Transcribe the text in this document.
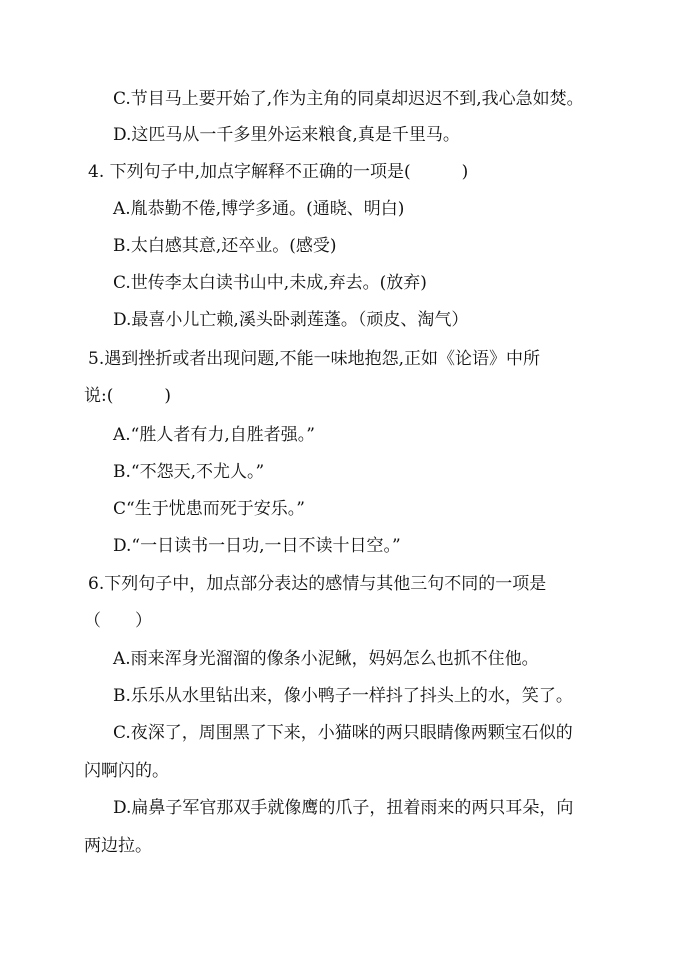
C.节目马上要开始了,作为主角的同桌却迟迟不到,我心急如焚。
D.这匹马从一千多里外运来粮食,真是千里马。
4. 下列句子中,加点字解释不正确的一项是(　　　)
A.胤恭勤不倦,博学多通。(通晓、明白)
B.太白感其意,还卒业。(感受)
C.世传李太白读书山中,未成,弃去。(放弃)
D.最喜小儿亡赖,溪头卧剥莲蓬。（顽皮、淘气）
5.遇到挫折或者出现问题,不能一味地抱怨,正如《论语》中所
说:(　　　)
A.“胜人者有力,自胜者强。”
B.“不怨天,不尤人。”
C“生于忧患而死于安乐。”
D.“一日读书一日功,一日不读十日空。”
6.下列句子中，加点部分表达的感情与其他三句不同的一项是
（　　）
A.雨来浑身光溜溜的像条小泥鳅，妈妈怎么也抓不住他。
B.乐乐从水里钻出来，像小鸭子一样抖了抖头上的水，笑了。
C.夜深了，周围黑了下来，小猫咪的两只眼睛像两颗宝石似的
闪啊闪的。
D.扁鼻子军官那双手就像鹰的爪子，扭着雨来的两只耳朵，向
两边拉。
